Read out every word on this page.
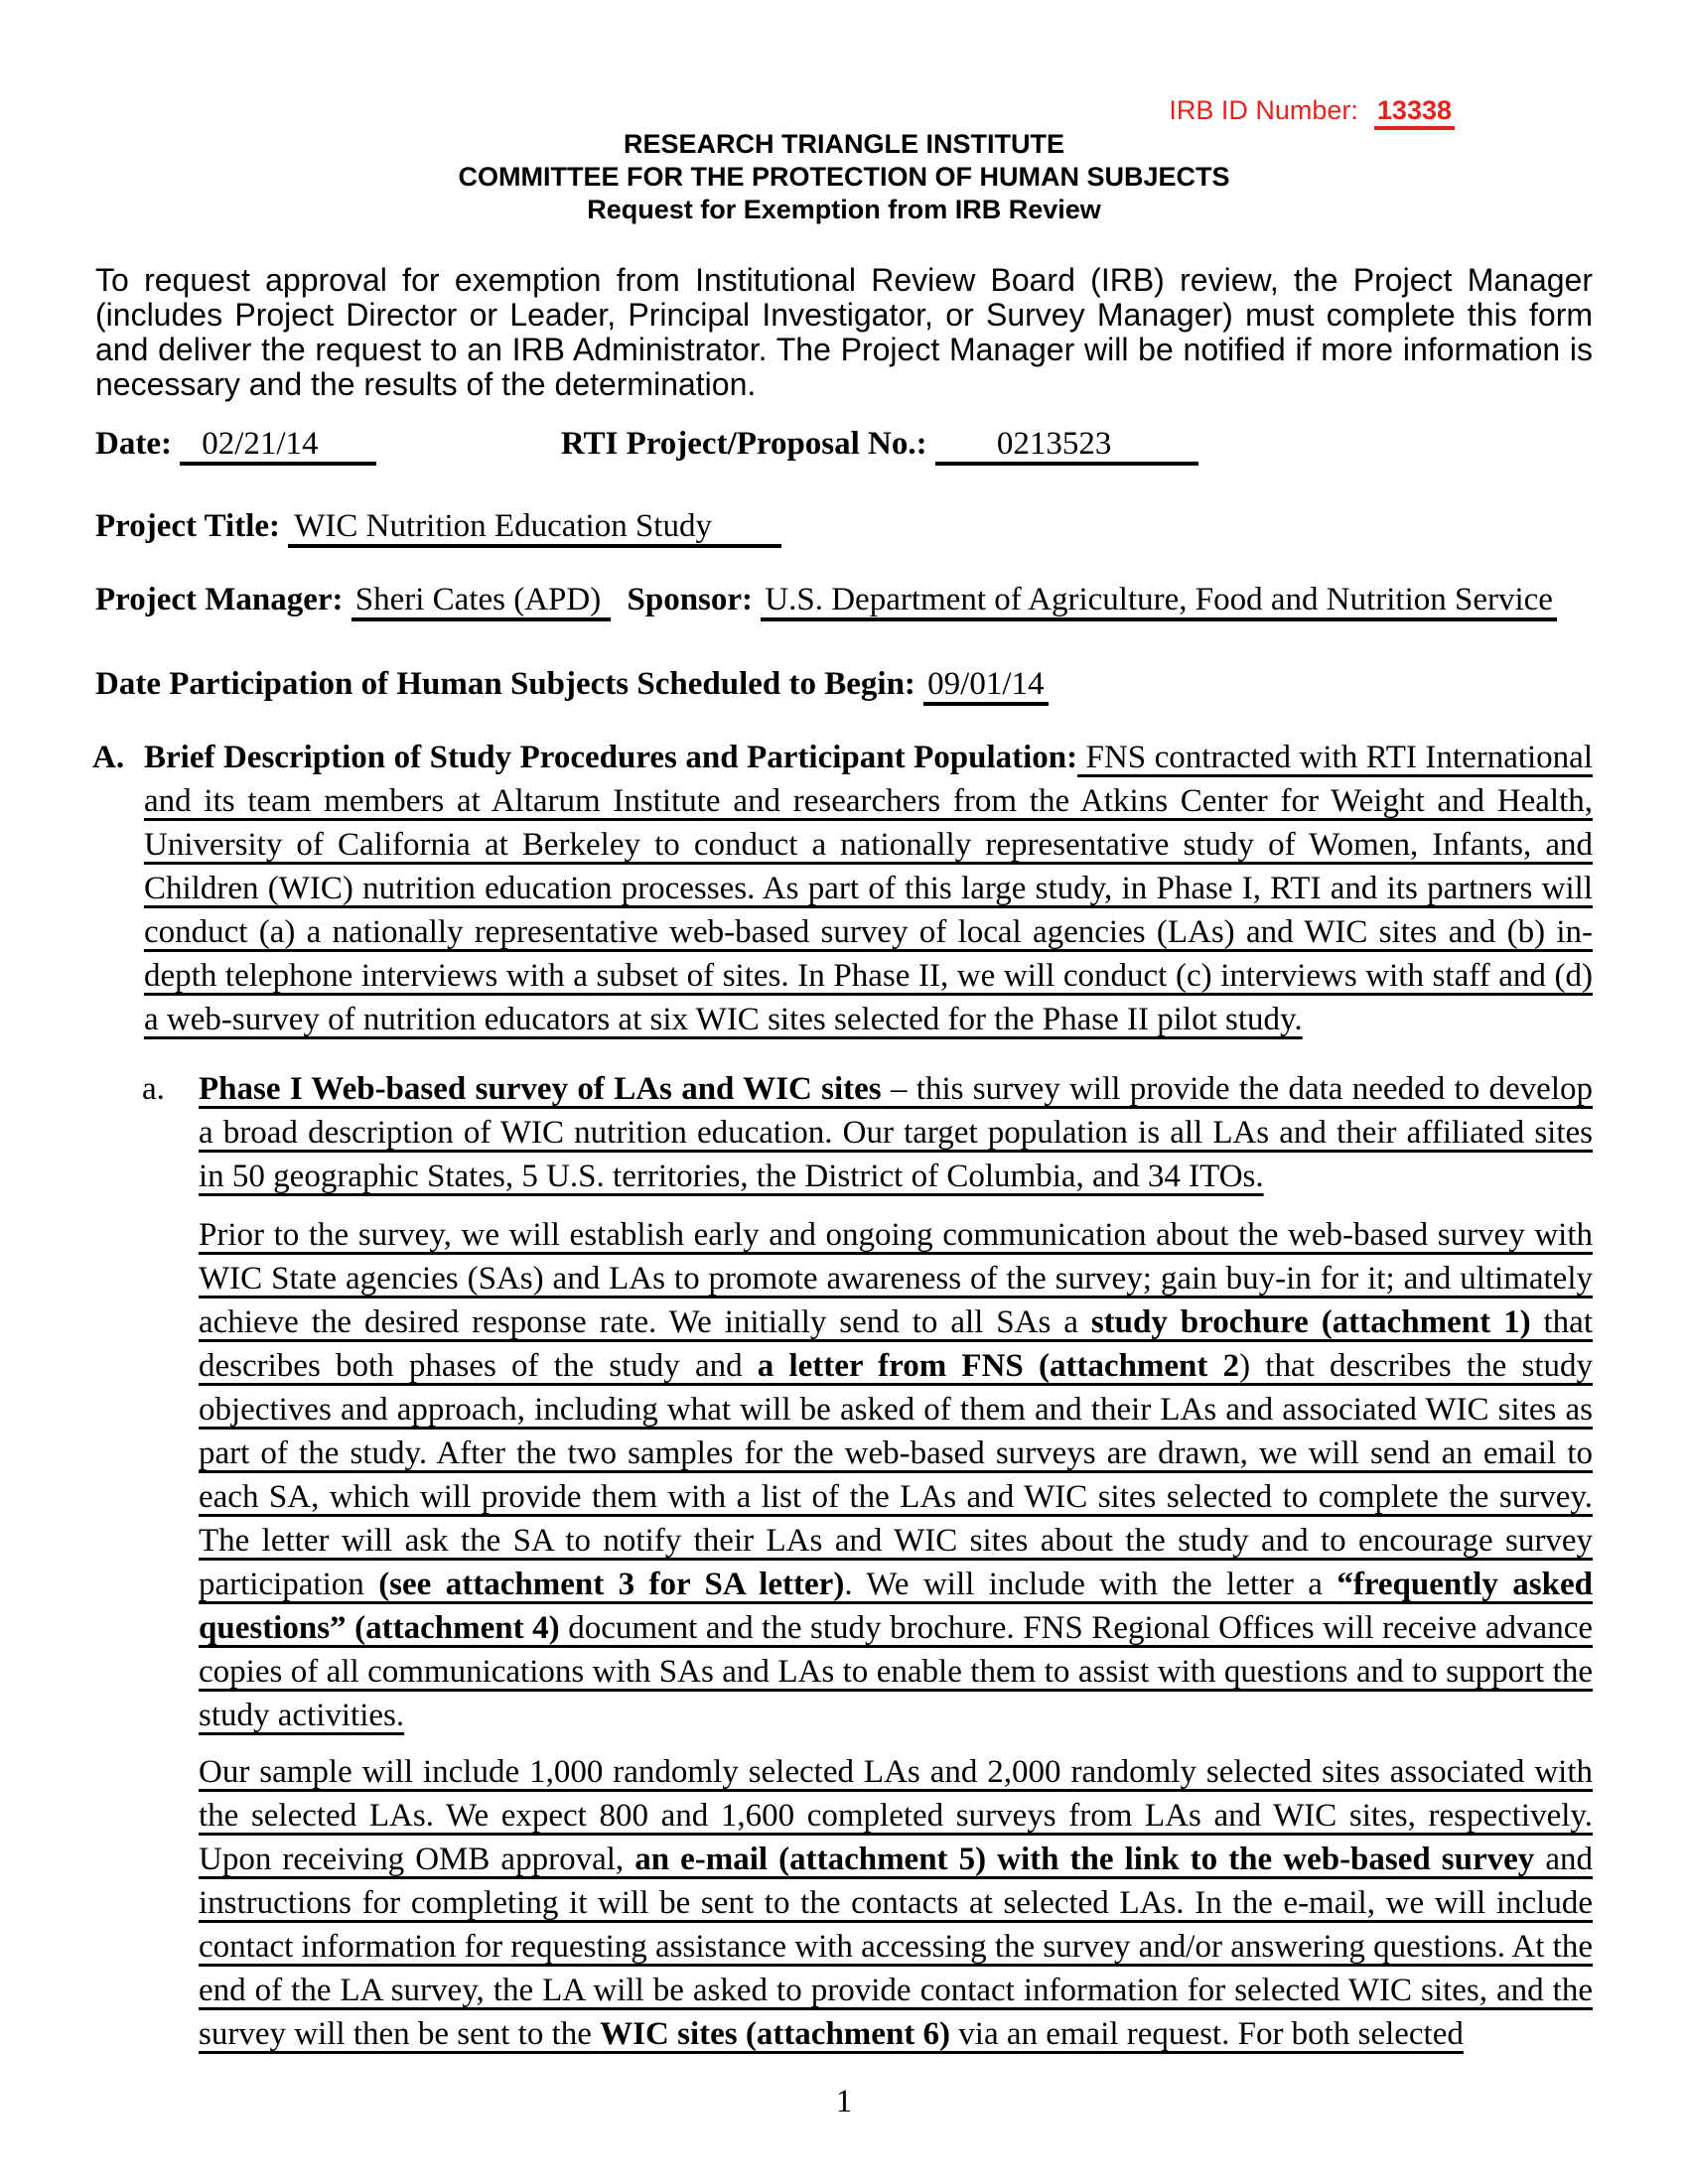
IRB ID Number: 13338
RESEARCH TRIANGLE INSTITUTE
COMMITTEE FOR THE PROTECTION OF HUMAN SUBJECTS
Request for Exemption from IRB Review

To request approval for exemption from Institutional Review Board (IRB) review, the Project Manager (includes Project Director or Leader, Principal Investigator, or Survey Manager) must complete this form and deliver the request to an IRB Administrator. The Project Manager will be notified if more information is necessary and the results of the determination.

Date: 02/21/14	RTI Project/Proposal No.: 0213523
Project Title: WIC Nutrition Education Study
Project Manager: Sheri Cates (APD) Sponsor: U.S. Department of Agriculture, Food and Nutrition Service
Date Participation of Human Subjects Scheduled to Begin: 09/01/14
A. Brief Description of Study Procedures and Participant Population: FNS contracted with RTI International and its team members at Altarum Institute and researchers from the Atkins Center for Weight and Health, University of California at Berkeley to conduct a nationally representative study of Women, Infants, and Children (WIC) nutrition education processes. As part of this large study, in Phase I, RTI and its partners will conduct (a) a nationally representative web-based survey of local agencies (LAs) and WIC sites and (b) in-depth telephone interviews with a subset of sites. In Phase II, we will conduct (c) interviews with staff and (d) a web-survey of nutrition educators at six WIC sites selected for the Phase II pilot study.
a. Phase I Web-based survey of LAs and WIC sites – this survey will provide the data needed to develop a broad description of WIC nutrition education. Our target population is all LAs and their affiliated sites in 50 geographic States, 5 U.S. territories, the District of Columbia, and 34 ITOs.
Prior to the survey, we will establish early and ongoing communication about the web-based survey with WIC State agencies (SAs) and LAs to promote awareness of the survey; gain buy-in for it; and ultimately achieve the desired response rate. We initially send to all SAs a study brochure (attachment 1) that describes both phases of the study and a letter from FNS (attachment 2) that describes the study objectives and approach, including what will be asked of them and their LAs and associated WIC sites as part of the study. After the two samples for the web-based surveys are drawn, we will send an email to each SA, which will provide them with a list of the LAs and WIC sites selected to complete the survey. The letter will ask the SA to notify their LAs and WIC sites about the study and to encourage survey participation (see attachment 3 for SA letter). We will include with the letter a “frequently asked questions” (attachment 4) document and the study brochure. FNS Regional Offices will receive advance copies of all communications with SAs and LAs to enable them to assist with questions and to support the study activities.
Our sample will include 1,000 randomly selected LAs and 2,000 randomly selected sites associated with the selected LAs. We expect 800 and 1,600 completed surveys from LAs and WIC sites, respectively. Upon receiving OMB approval, an e-mail (attachment 5) with the link to the web-based survey and instructions for completing it will be sent to the contacts at selected LAs. In the e-mail, we will include contact information for requesting assistance with accessing the survey and/or answering questions. At the end of the LA survey, the LA will be asked to provide contact information for selected WIC sites, and the survey will then be sent to the WIC sites (attachment 6) via an email request. For both selected
1
